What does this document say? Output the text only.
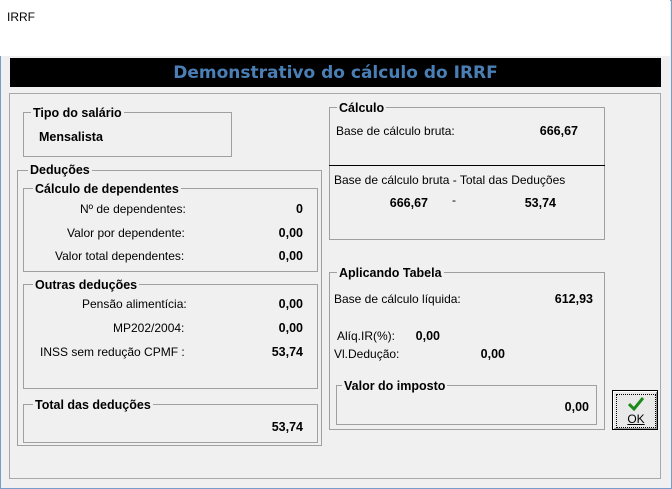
IRRF
Demonstrativo do cálculo do IRRF
Tipo do salário
Mensalista
Deduções
Cálculo de dependentes
Nº de dependentes:	0
Valor por dependente:	0,00
Valor total dependentes:	0,00
Outras deduções
Pensão alimentícia:	0,00
MP202/2004:	0,00
INSS sem redução CPMF :	53,74
Total das deduções
53,74
Cálculo
Base de cálculo bruta:	666,67
Base de cálculo bruta - Total das Deduções
666,67 -	53,74
Aplicando Tabela
Base de cálculo líquida:	612,93
Alíq.IR(%):	0,00
Vl.Dedução:	0,00
Valor do imposto
0,00
OK
